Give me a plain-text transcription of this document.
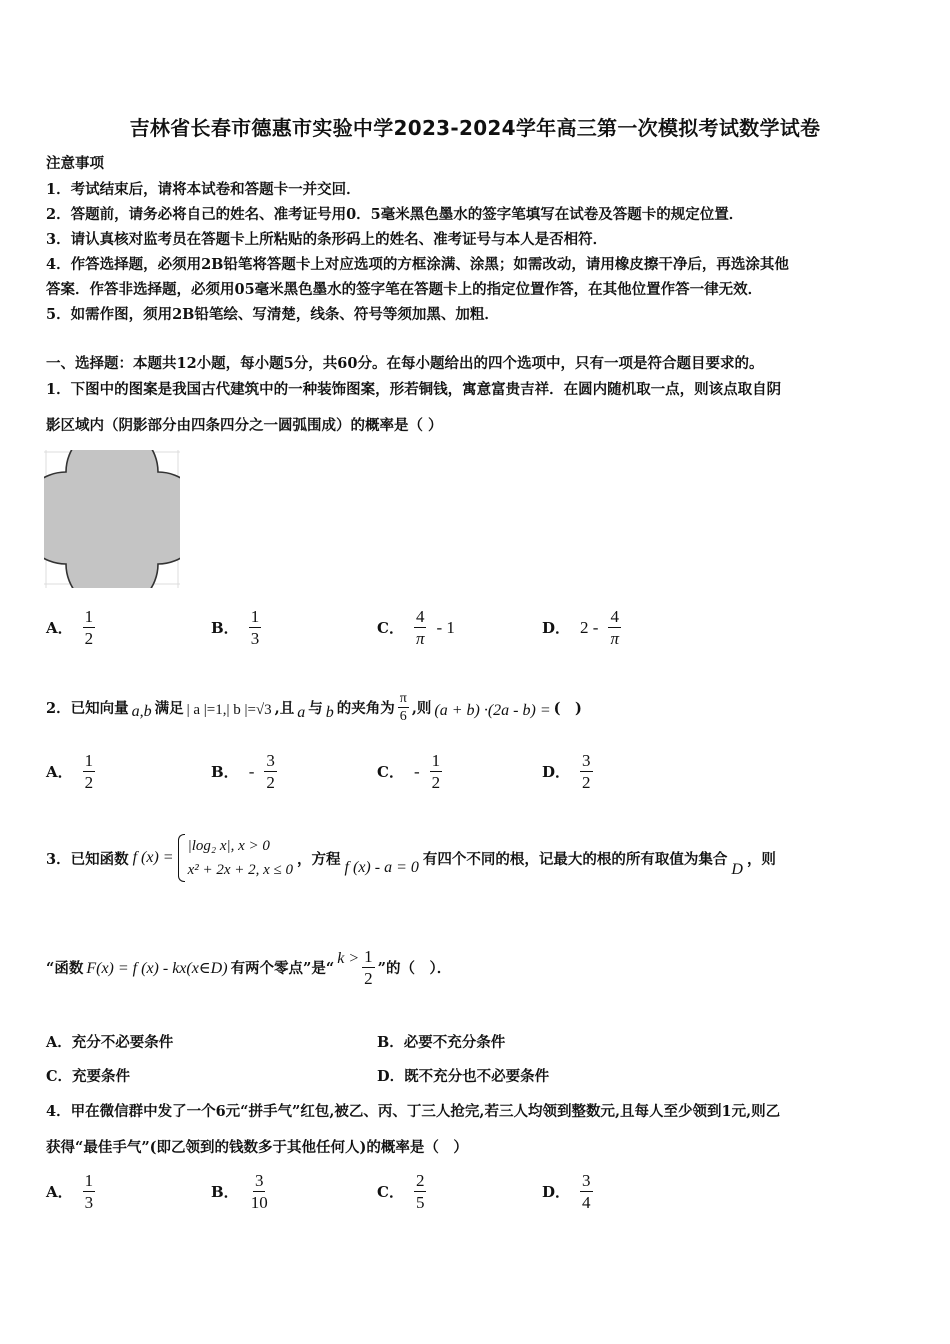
吉林省长春市德惠市实验中学2023-2024学年高三第一次模拟考试数学试卷
注意事项
1．考试结束后，请将本试卷和答题卡一并交回．
2．答题前，请务必将自己的姓名、准考证号用0．5毫米黑色墨水的签字笔填写在试卷及答题卡的规定位置．
3．请认真核对监考员在答题卡上所粘贴的条形码上的姓名、准考证号与本人是否相符．
4．作答选择题，必须用2B铅笔将答题卡上对应选项的方框涂满、涂黑；如需改动，请用橡皮擦干净后，再选涂其他
答案．作答非选择题，必须用05毫米黑色墨水的签字笔在答题卡上的指定位置作答，在其他位置作答一律无效．
5．如需作图，须用2B铅笔绘、写清楚，线条、符号等须加黑、加粗．
一、选择题：本题共12小题，每小题5分，共60分。在每小题给出的四个选项中，只有一项是符合题目要求的。
1．下图中的图案是我国古代建筑中的一种装饰图案，形若铜钱，寓意富贵吉祥．在圆内随机取一点，则该点取自阴
影区域内（阴影部分由四条四分之一圆弧围成）的概率是（ ）
A． $\frac{1}{2}$	B． $\frac{1}{3}$	C． $\frac{4}{\pi} - 1$	D． $2 - \frac{4}{\pi}$
2．已知向量 a,b 满足 | a |=1,| b |=√3 ,且 a 与 b 的夹角为 $\frac{\pi}{6}$ ,则 (a + b) ·(2a - b) = (　)
A． $\frac{1}{2}$	B． - $\frac{3}{2}$	C． - $\frac{1}{2}$	D． $\frac{3}{2}$
3．已知函数 f (x) =
|log₂ x|, x > 0
x² + 2x + 2, x ≤ 0
，方程 f (x) - a = 0 有四个不同的根，记最大的根的所有取值为集合
D
，则
“函数 F(x) = f (x) - kx(x∈D) 有两个零点”是“
$k > \frac{1}{2}$ ”的（　）．
A．充分不必要条件	B．必要不充分条件
C．充要条件	D．既不充分也不必要条件
4．甲在微信群中发了一个6元“拼手气”红包,被乙、丙、丁三人抢完,若三人均领到整数元,且每人至少领到1元,则乙
获得“最佳手气”(即乙领到的钱数多于其他任何人)的概率是（　）
A． $\frac{1}{3}$	B． $\frac{3}{10}$	C． $\frac{2}{5}$	D． $\frac{3}{4}$
